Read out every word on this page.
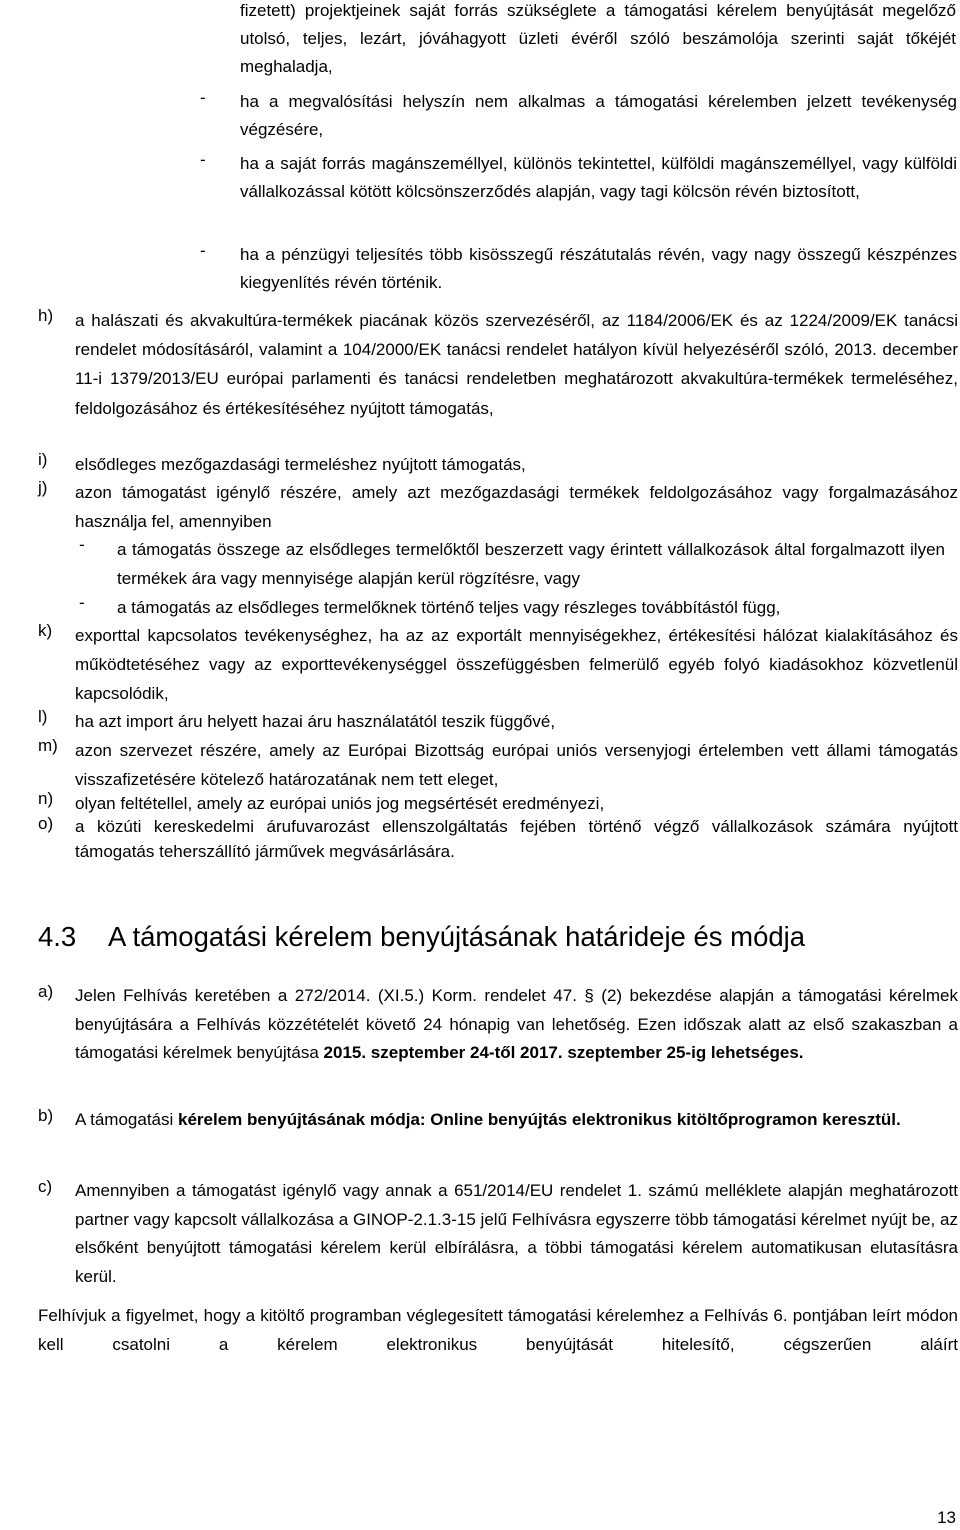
fizetett) projektjeinek saját forrás szükséglete a támogatási kérelem benyújtását megelőző utolsó, teljes, lezárt, jóváhagyott üzleti évéről szóló beszámolója szerinti saját tőkéjét meghaladja,

- ha a megvalósítási helyszín nem alkalmas a támogatási kérelemben jelzett tevékenység végzésére,

- ha a saját forrás magánszeméllyel, különös tekintettel, külföldi magánszeméllyel, vagy külföldi vállalkozással kötött kölcsönszerződés alapján, vagy tagi kölcsön révén biztosított,

- ha a pénzügyi teljesítés több kisösszegű részátutalás révén, vagy nagy összegű készpénzes kiegyenlítés révén történik.

h) a halászati és akvakultúra-termékek piacának közös szervezéséről, az 1184/2006/EK és az 1224/2009/EK tanácsi rendelet módosításáról, valamint a 104/2000/EK tanácsi rendelet hatályon kívül helyezéséről szóló, 2013. december 11-i 1379/2013/EU európai parlamenti és tanácsi rendeletben meghatározott akvakultúra-termékek termeléséhez, feldolgozásához és értékesítéséhez nyújtott támogatás,

i) elsődleges mezőgazdasági termeléshez nyújtott támogatás,

j) azon támogatást igénylő részére, amely azt mezőgazdasági termékek feldolgozásához vagy forgalmazásához használja fel, amennyiben

- a támogatás összege az elsődleges termelőktől beszerzett vagy érintett vállalkozások által forgalmazott ilyen termékek ára vagy mennyisége alapján kerül rögzítésre, vagy

- a támogatás az elsődleges termelőknek történő teljes vagy részleges továbbítástól függ,

k) exporttal kapcsolatos tevékenységhez, ha az az exportált mennyiségekhez, értékesítési hálózat kialakításához és működtetéséhez vagy az exporttevékenységgel összefüggésben felmerülő egyéb folyó kiadásokhoz közvetlenül kapcsolódik,

l) ha azt import áru helyett hazai áru használatától teszik függővé,

m) azon szervezet részére, amely az Európai Bizottság európai uniós versenyjogi értelemben vett állami támogatás visszafizetésére kötelező határozatának nem tett eleget,

n) olyan feltétellel, amely az európai uniós jog megsértését eredményezi,

o) a közúti kereskedelmi árufuvarozást ellenszolgáltatás fejében történő végző vállalkozások számára nyújtott támogatás teherszállító járművek megvásárlására.

4.3 A támogatási kérelem benyújtásának határideje és módja
a) Jelen Felhívás keretében a 272/2014. (XI.5.) Korm. rendelet 47. § (2) bekezdése alapján a támogatási kérelmek benyújtására a Felhívás közzétételét követő 24 hónapig van lehetőség. Ezen időszak alatt az első szakaszban a támogatási kérelmek benyújtása 2015. szeptember 24-től 2017. szeptember 25-ig lehetséges.

b) A támogatási kérelem benyújtásának módja: Online benyújtás elektronikus kitöltőprogramon keresztül.

c) Amennyiben a támogatást igénylő vagy annak a 651/2014/EU rendelet 1. számú melléklete alapján meghatározott partner vagy kapcsolt vállalkozása a GINOP-2.1.3-15 jelű Felhívásra egyszerre több támogatási kérelmet nyújt be, az elsőként benyújtott támogatási kérelem kerül elbírálásra, a többi támogatási kérelem automatikusan elutasításra kerül.

Felhívjuk a figyelmet, hogy a kitöltő programban véglegesített támogatási kérelemhez a Felhívás 6. pontjában leírt módon kell csatolni a kérelem elektronikus benyújtását hitelesítő, cégszerűen aláírt

13
